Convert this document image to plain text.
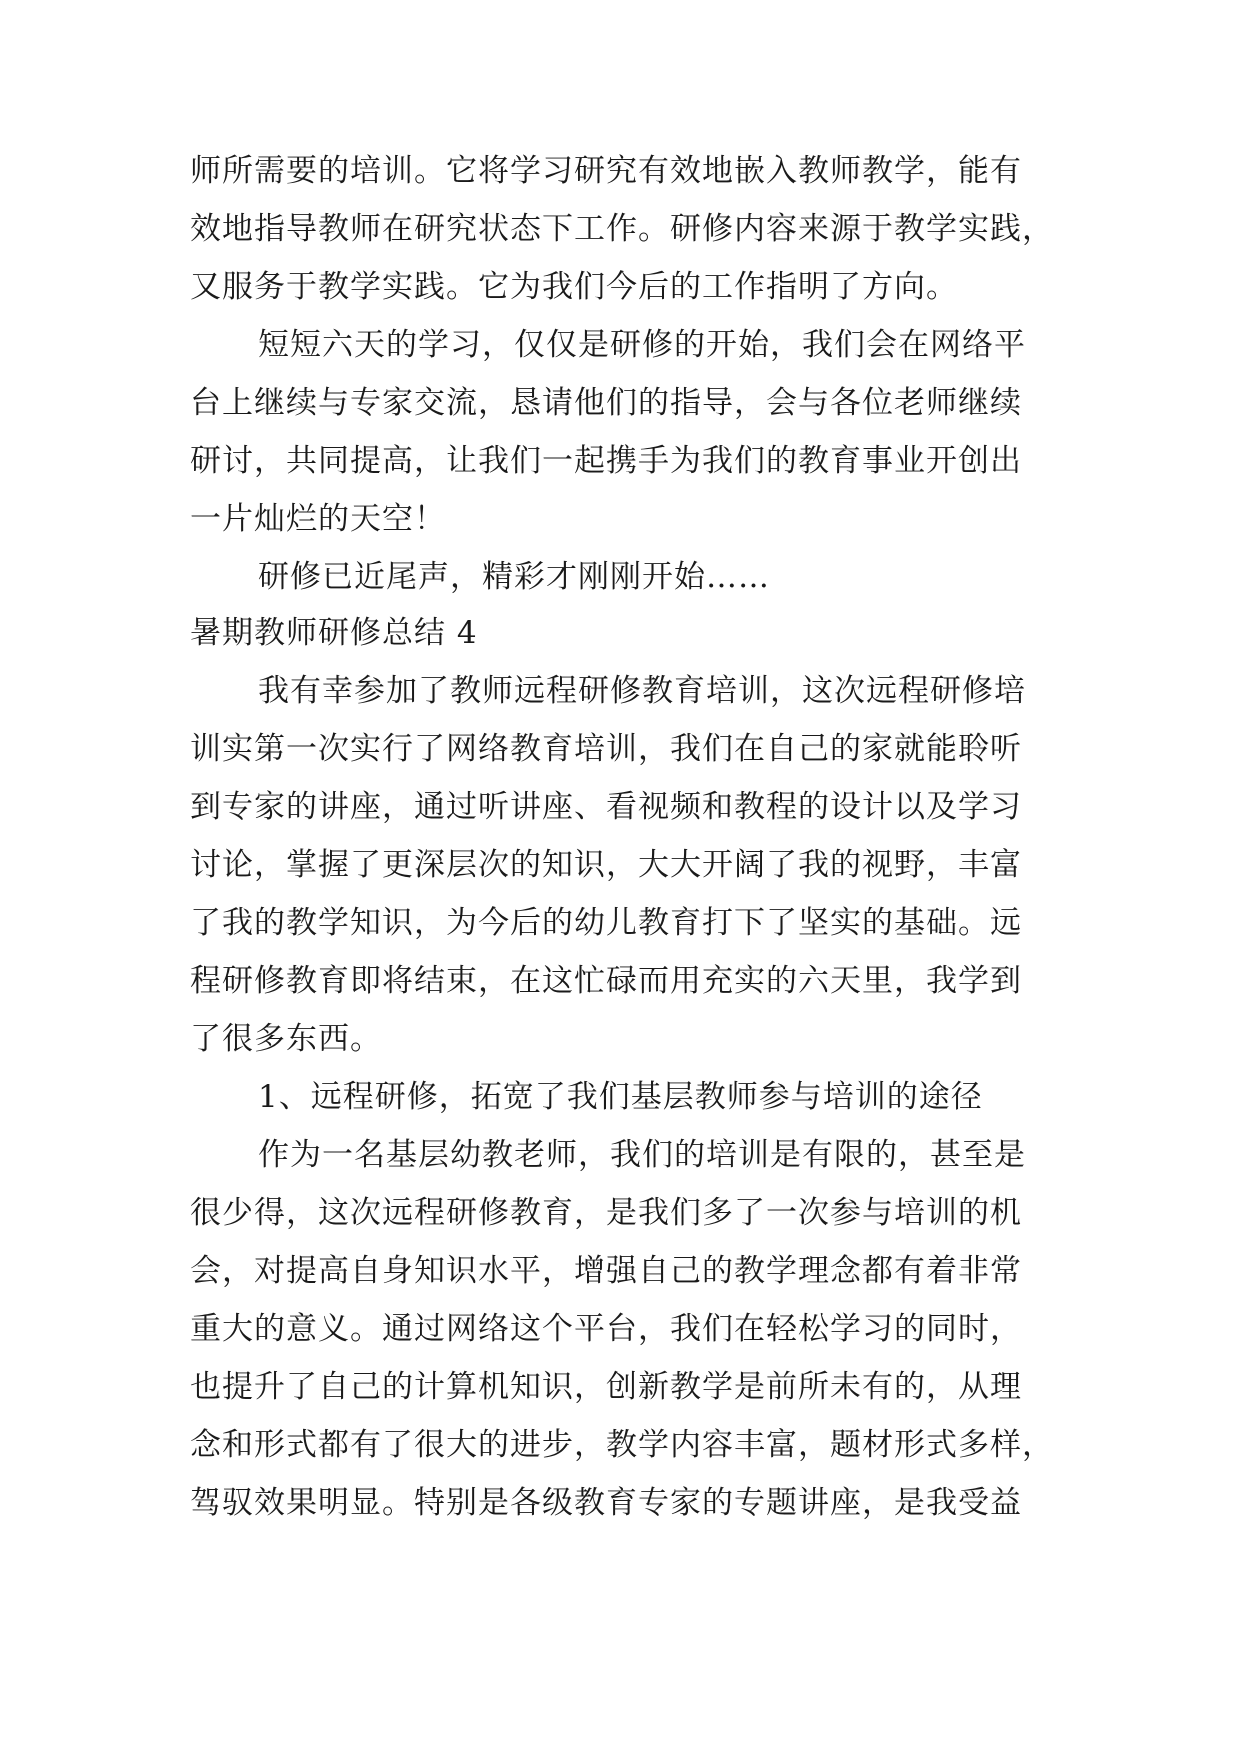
师所需要的培训。它将学习研究有效地嵌入教师教学，能有
效地指导教师在研究状态下工作。研修内容来源于教学实践，
又服务于教学实践。它为我们今后的工作指明了方向。
短短六天的学习，仅仅是研修的开始，我们会在网络平
台上继续与专家交流，恳请他们的指导，会与各位老师继续
研讨，共同提高，让我们一起携手为我们的教育事业开创出
一片灿烂的天空！
研修已近尾声，精彩才刚刚开始……
暑期教师研修总结 4
我有幸参加了教师远程研修教育培训，这次远程研修培
训实第一次实行了网络教育培训，我们在自己的家就能聆听
到专家的讲座，通过听讲座、看视频和教程的设计以及学习
讨论，掌握了更深层次的知识，大大开阔了我的视野，丰富
了我的教学知识，为今后的幼儿教育打下了坚实的基础。远
程研修教育即将结束，在这忙碌而用充实的六天里，我学到
了很多东西。
1、远程研修，拓宽了我们基层教师参与培训的途径
作为一名基层幼教老师，我们的培训是有限的，甚至是
很少得，这次远程研修教育，是我们多了一次参与培训的机
会，对提高自身知识水平，增强自己的教学理念都有着非常
重大的意义。通过网络这个平台，我们在轻松学习的同时，
也提升了自己的计算机知识，创新教学是前所未有的，从理
念和形式都有了很大的进步，教学内容丰富，题材形式多样，
驾驭效果明显。特别是各级教育专家的专题讲座，是我受益
